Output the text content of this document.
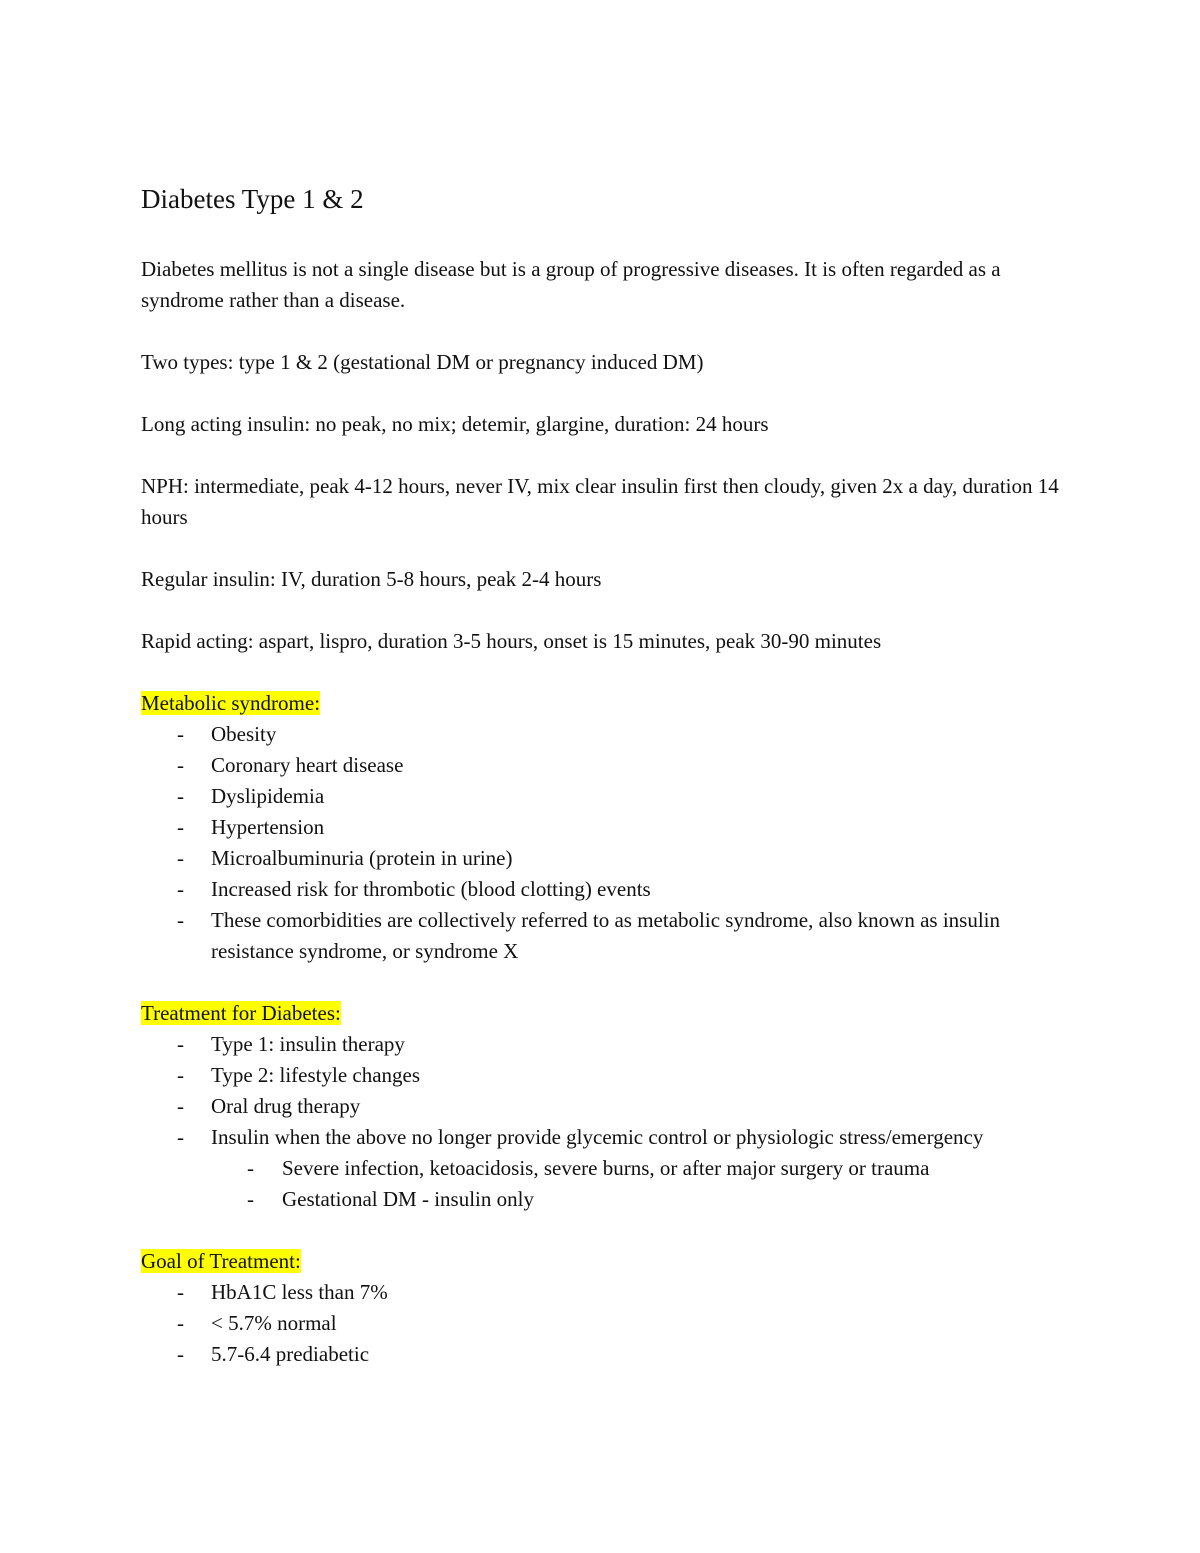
Diabetes Type 1 & 2

Diabetes mellitus is not a single disease but is a group of progressive diseases. It is often regarded as a syndrome rather than a disease.

Two types: type 1 & 2 (gestational DM or pregnancy induced DM)

Long acting insulin: no peak, no mix; detemir, glargine, duration: 24 hours

NPH: intermediate, peak 4-12 hours, never IV, mix clear insulin first then cloudy, given 2x a day, duration 14 hours

Regular insulin: IV, duration 5-8 hours, peak 2-4 hours

Rapid acting: aspart, lispro, duration 3-5 hours, onset is 15 minutes, peak 30-90 minutes

Metabolic syndrome:
- Obesity
- Coronary heart disease
- Dyslipidemia
- Hypertension
- Microalbuminuria (protein in urine)
- Increased risk for thrombotic (blood clotting) events
- These comorbidities are collectively referred to as metabolic syndrome, also known as insulin resistance syndrome, or syndrome X
Treatment for Diabetes:
- Type 1: insulin therapy
- Type 2: lifestyle changes
- Oral drug therapy
- Insulin when the above no longer provide glycemic control or physiologic stress/emergency
- Severe infection, ketoacidosis, severe burns, or after major surgery or trauma
- Gestational DM - insulin only
Goal of Treatment:
- HbA1C less than 7%
- < 5.7% normal
- 5.7-6.4 prediabetic
